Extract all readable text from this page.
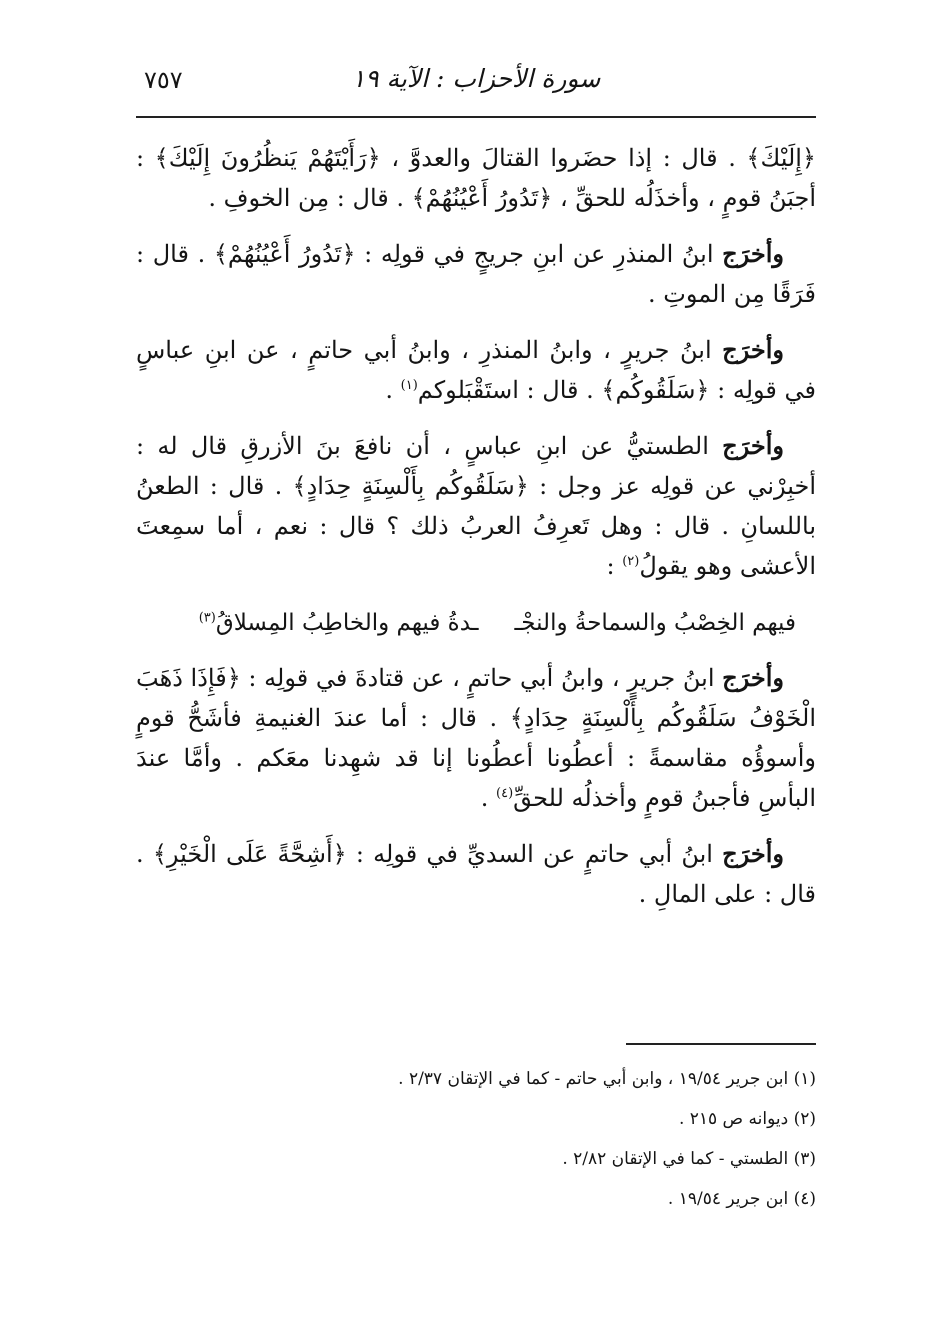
٧٥٧	سورة الأحزاب : الآية ١٩

﴿إِلَيْكَ﴾ . قال : إذا حضَروا القتالَ والعدوَّ ، ﴿رَأَيْتَهُمْ يَنظُرُونَ إِلَيْكَ﴾ : أجبَنُ قومٍ ، وأخذَلُه للحقِّ ، ﴿تَدُورُ أَعْيُنُهُمْ﴾ . قال : مِن الخوفِ .

وأخرَج ابنُ المنذرِ عن ابنِ جريجٍ في قولِه : ﴿تَدُورُ أَعْيُنُهُمْ﴾ . قال : فَرَقًا مِن الموتِ .

وأخرَج ابنُ جريرٍ ، وابنُ المنذرِ ، وابنُ أبي حاتمٍ ، عن ابنِ عباسٍ في قولِه : ﴿سَلَقُوكُم﴾ . قال : استَقْبَلوكم$^{(١)}$ .

وأخرَج الطستيُّ عن ابنِ عباسٍ ، أن نافعَ بنَ الأزرقِ قال له : أخبِرْني عن قولِه عز وجل : ﴿سَلَقُوكُم بِأَلْسِنَةٍ حِدَادٍ﴾ . قال : الطعنُ باللسانِ . قال : وهل تَعرِفُ العربُ ذلك ؟ قال : نعم ، أما سمِعتَ الأعشى وهو يقولُ$^{(٢)}$ :

فيهم الخِصْبُ والسماحةُ والنجْــدةُ فيهم والخاطِبُ المِسلاقُ$^{(٣)}$

وأخرَج ابنُ جريرٍ ، وابنُ أبي حاتمٍ ، عن قتادةَ في قولِه : ﴿فَإِذَا ذَهَبَ الْخَوْفُ سَلَقُوكُم بِأَلْسِنَةٍ حِدَادٍ﴾ . قال : أما عندَ الغنيمةِ فأشَحُّ قومٍ وأسوؤُه مقاسمةً : أعطُونا أعطُونا إنا قد شهِدنا معَكم . وأمَّا عندَ البأسِ فأجبنُ قومٍ وأخذلُه للحقِّ$^{(٤)}$ .

وأخرَج ابنُ أبي حاتمٍ عن السديِّ في قولِه : ﴿أَشِحَّةً عَلَى الْخَيْرِ﴾ . قال : على المالِ .

(١) ابن جرير ١٩/٥٤ ، وابن أبي حاتم - كما في الإتقان ٢/٣٧ .

(٢) ديوانه ص ٢١٥ .

(٣) الطستي - كما في الإتقان ٢/٨٢ .

(٤) ابن جرير ١٩/٥٤ .
